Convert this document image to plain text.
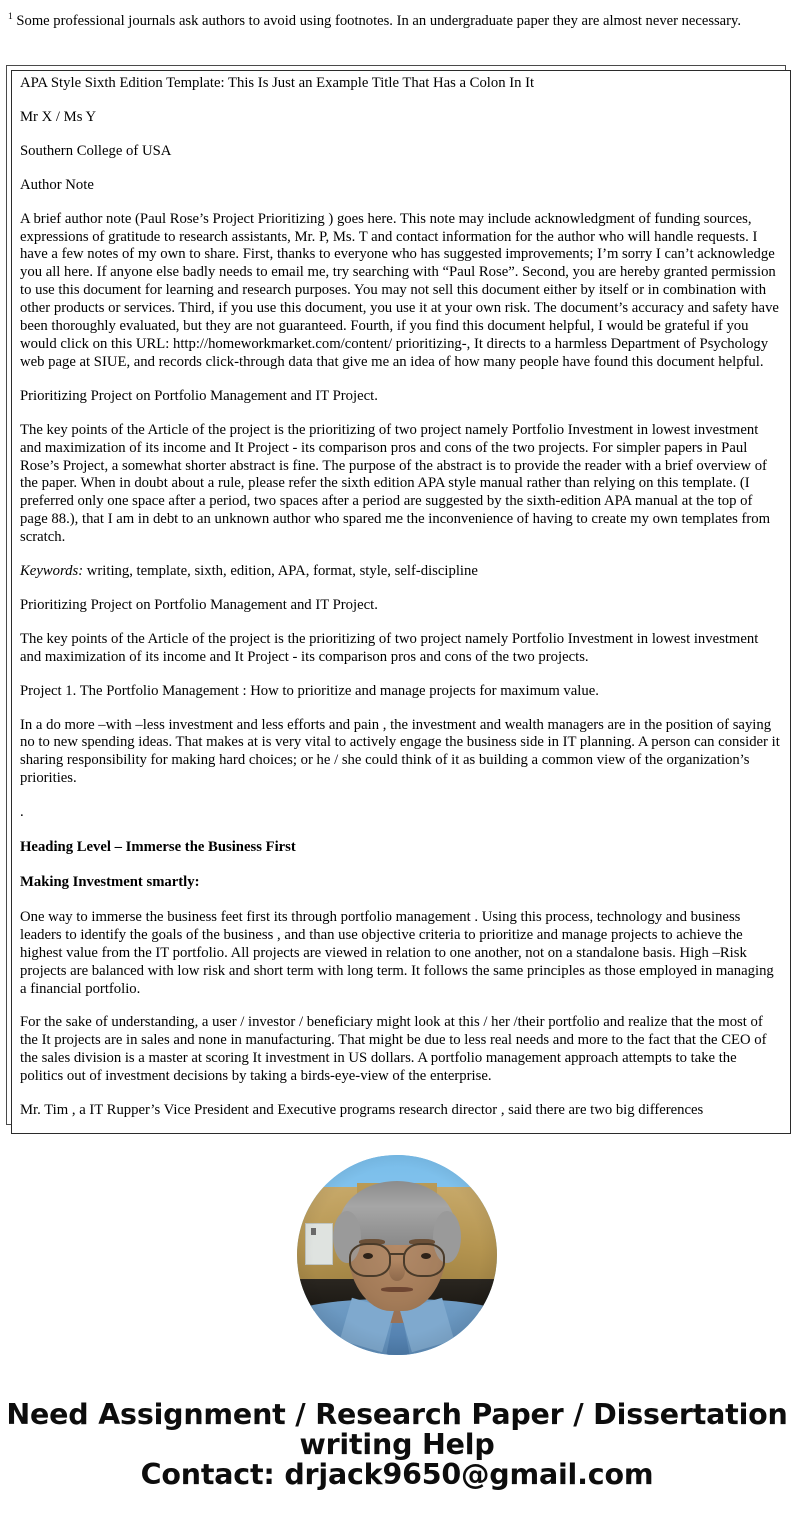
$^1$ Some professional journals ask authors to avoid using footnotes. In an undergraduate paper they are almost never necessary.

APA Style Sixth Edition Template: This Is Just an Example Title That Has a Colon In It

Mr X / Ms Y

Southern College of USA

Author Note

A brief author note (Paul Rose’s Project Prioritizing ) goes here. This note may include acknowledgment of funding sources, expressions of gratitude to research assistants, Mr. P, Ms. T and contact information for the author who will handle requests. I have a few notes of my own to share. First, thanks to everyone who has suggested improvements; I’m sorry I can’t acknowledge you all here. If anyone else badly needs to email me, try searching with “Paul Rose”. Second, you are hereby granted permission to use this document for learning and research purposes. You may not sell this document either by itself or in combination with other products or services. Third, if you use this document, you use it at your own risk. The document’s accuracy and safety have been thoroughly evaluated, but they are not guaranteed. Fourth, if you find this document helpful, I would be grateful if you would click on this URL: http://homeworkmarket.com/content/ prioritizing-, It directs to a harmless Department of Psychology web page at SIUE, and records click-through data that give me an idea of how many people have found this document helpful.

Prioritizing Project on Portfolio Management and IT Project.

The key points of the Article of the project is the prioritizing of two project namely Portfolio Investment in lowest investment and maximization of its income and It Project - its comparison pros and cons of the two projects. For simpler papers in Paul Rose’s Project, a somewhat shorter abstract is fine. The purpose of the abstract is to provide the reader with a brief overview of the paper. When in doubt about a rule, please refer the sixth edition APA style manual rather than relying on this template. (I preferred only one space after a period, two spaces after a period are suggested by the sixth-edition APA manual at the top of page 88.), that I am in debt to an unknown author who spared me the inconvenience of having to create my own templates from scratch.

Keywords: writing, template, sixth, edition, APA, format, style, self-discipline

Prioritizing Project on Portfolio Management and IT Project.

The key points of the Article of the project is the prioritizing of two project namely Portfolio Investment in lowest investment and maximization of its income and It Project - its comparison pros and cons of the two projects.

Project 1. The Portfolio Management : How to prioritize and manage projects for maximum value.

In a do more –with –less investment and less efforts and pain , the investment and wealth managers are in the position of saying no to new spending ideas. That makes at is very vital to actively engage the business side in IT planning. A person can consider it sharing responsibility for making hard choices; or he / she could think of it as building a common view of the organization’s priorities.

.

Heading Level – Immerse the Business First

Making Investment smartly:

One way to immerse the business feet first its through portfolio management . Using this process, technology and business leaders to identify the goals of the business , and than use objective criteria to prioritize and manage projects to achieve the highest value from the IT portfolio. All projects are viewed in relation to one another, not on a standalone basis. High –Risk projects are balanced with low risk and short term with long term. It follows the same principles as those employed in managing a financial portfolio.

For the sake of understanding, a user / investor / beneficiary might look at this / her /their portfolio and realize that the most of the It projects are in sales and none in manufacturing. That might be due to less real needs and more to the fact that the CEO of the sales division is a master at scoring It investment in US dollars. A portfolio management approach attempts to take the politics out of investment decisions by taking a birds-eye-view of the enterprise.

Mr. Tim , a IT Rupper’s Vice President and Executive programs research director , said there are two big differences

Need Assignment / Research Paper / Dissertation
writing Help
Contact: drjack9650@gmail.com
